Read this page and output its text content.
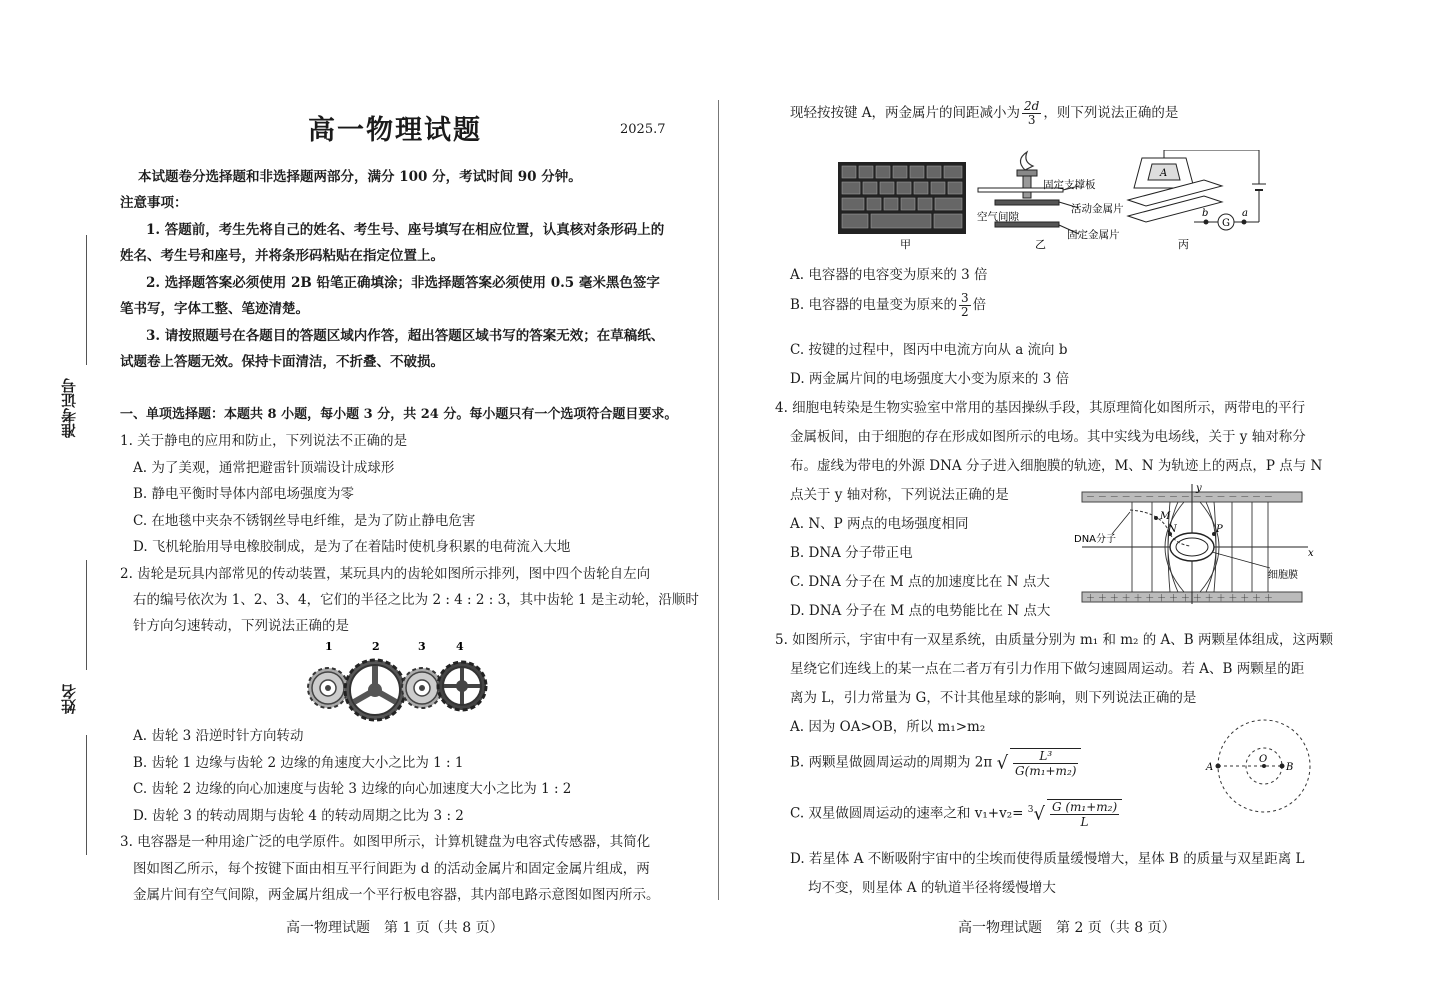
准考证号
姓名
高一物理试题	2025.7
本试题卷分选择题和非选择题两部分，满分 100 分，考试时间 90 分钟。
注意事项：
1. 答题前，考生先将自己的姓名、考生号、座号填写在相应位置，认真核对条形码上的
姓名、考生号和座号，并将条形码粘贴在指定位置上。
2. 选择题答案必须使用 2B 铅笔正确填涂；非选择题答案必须使用 0.5 毫米黑色签字
笔书写，字体工整、笔迹清楚。
3. 请按照题号在各题目的答题区域内作答，超出答题区域书写的答案无效；在草稿纸、
试题卷上答题无效。保持卡面清洁，不折叠、不破损。
一、单项选择题：本题共 8 小题，每小题 3 分，共 24 分。每小题只有一个选项符合题目要求。
1. 关于静电的应用和防止，下列说法不正确的是
A. 为了美观，通常把避雷针顶端设计成球形
B. 静电平衡时导体内部电场强度为零
C. 在地毯中夹杂不锈钢丝导电纤维，是为了防止静电危害
D. 飞机轮胎用导电橡胶制成，是为了在着陆时使机身积累的电荷流入大地
2. 齿轮是玩具内部常见的传动装置，某玩具内的齿轮如图所示排列，图中四个齿轮自左向
右的编号依次为 1、2、3、4，它们的半径之比为 2 : 4 : 2 : 3，其中齿轮 1 是主动轮，沿顺时
针方向匀速转动，下列说法正确的是
1	2	3	4
A. 齿轮 3 沿逆时针方向转动
B. 齿轮 1 边缘与齿轮 2 边缘的角速度大小之比为 1 : 1
C. 齿轮 2 边缘的向心加速度与齿轮 3 边缘的向心加速度大小之比为 1 : 2
D. 齿轮 3 的转动周期与齿轮 4 的转动周期之比为 3 : 2
3. 电容器是一种用途广泛的电学原件。如图甲所示，计算机键盘为电容式传感器，其简化
图如图乙所示，每个按键下面由相互平行间距为 d 的活动金属片和固定金属片组成，两
金属片间有空气间隙，两金属片组成一个平行板电容器，其内部电路示意图如图丙所示。
高一物理试题　第 1 页（共 8 页）
现轻按按键 A，两金属片的间距减小为 $\frac{2d}{3}$ ，则下列说法正确的是
甲
固定支撑板
活动金属片
空气间隙
固定金属片
乙
A
G
b	a
丙
A. 电容器的电容变为原来的 3 倍
B. 电容器的电量变为原来的 $\frac{3}{2}$ 倍
C. 按键的过程中，图丙中电流方向从 a 流向 b
D. 两金属片间的电场强度大小变为原来的 3 倍
4. 细胞电转染是生物实验室中常用的基因操纵手段，其原理简化如图所示，两带电的平行
金属板间，由于细胞的存在形成如图所示的电场。其中实线为电场线，关于 y 轴对称分
布。虚线为带电的外源 DNA 分子进入细胞膜的轨迹，M、N 为轨迹上的两点，P 点与 N
点关于 y 轴对称，下列说法正确的是
A. N、P 两点的电场强度相同
B. DNA 分子带正电
C. DNA 分子在 M 点的加速度比在 N 点大
D. DNA 分子在 M 点的电势能比在 N 点大
－ － － － － － － － － － － － － － － －
＋ ＋ ＋ ＋ ＋ ＋ ＋ ＋ ＋ ＋ ＋ ＋ ＋ ＋ ＋ ＋
y
x
M
N	P
DNA分子
细胞膜
5. 如图所示，宇宙中有一双星系统，由质量分别为 m₁ 和 m₂ 的 A、B 两颗星体组成，这两颗
星绕它们连线上的某一点在二者万有引力作用下做匀速圆周运动。若 A、B 两颗星的距
离为 L，引力常量为 G，不计其他星球的影响，则下列说法正确的是
A. 因为 OA>OB，所以 m₁>m₂
B. 两颗星做圆周运动的周期为 2π √ $\frac{\text{L³}}{\text{G(m₁+m₂)}}$
C. 双星做圆周运动的速率之和 $v_1+v_2= ^3√ \frac{\text{G (m₁+m₂)}}{L}$
A
O
B
D. 若星体 A 不断吸附宇宙中的尘埃而使得质量缓慢增大，星体 B 的质量与双星距离 L
均不变，则星体 A 的轨道半径将缓慢增大
高一物理试题　第 2 页（共 8 页）
